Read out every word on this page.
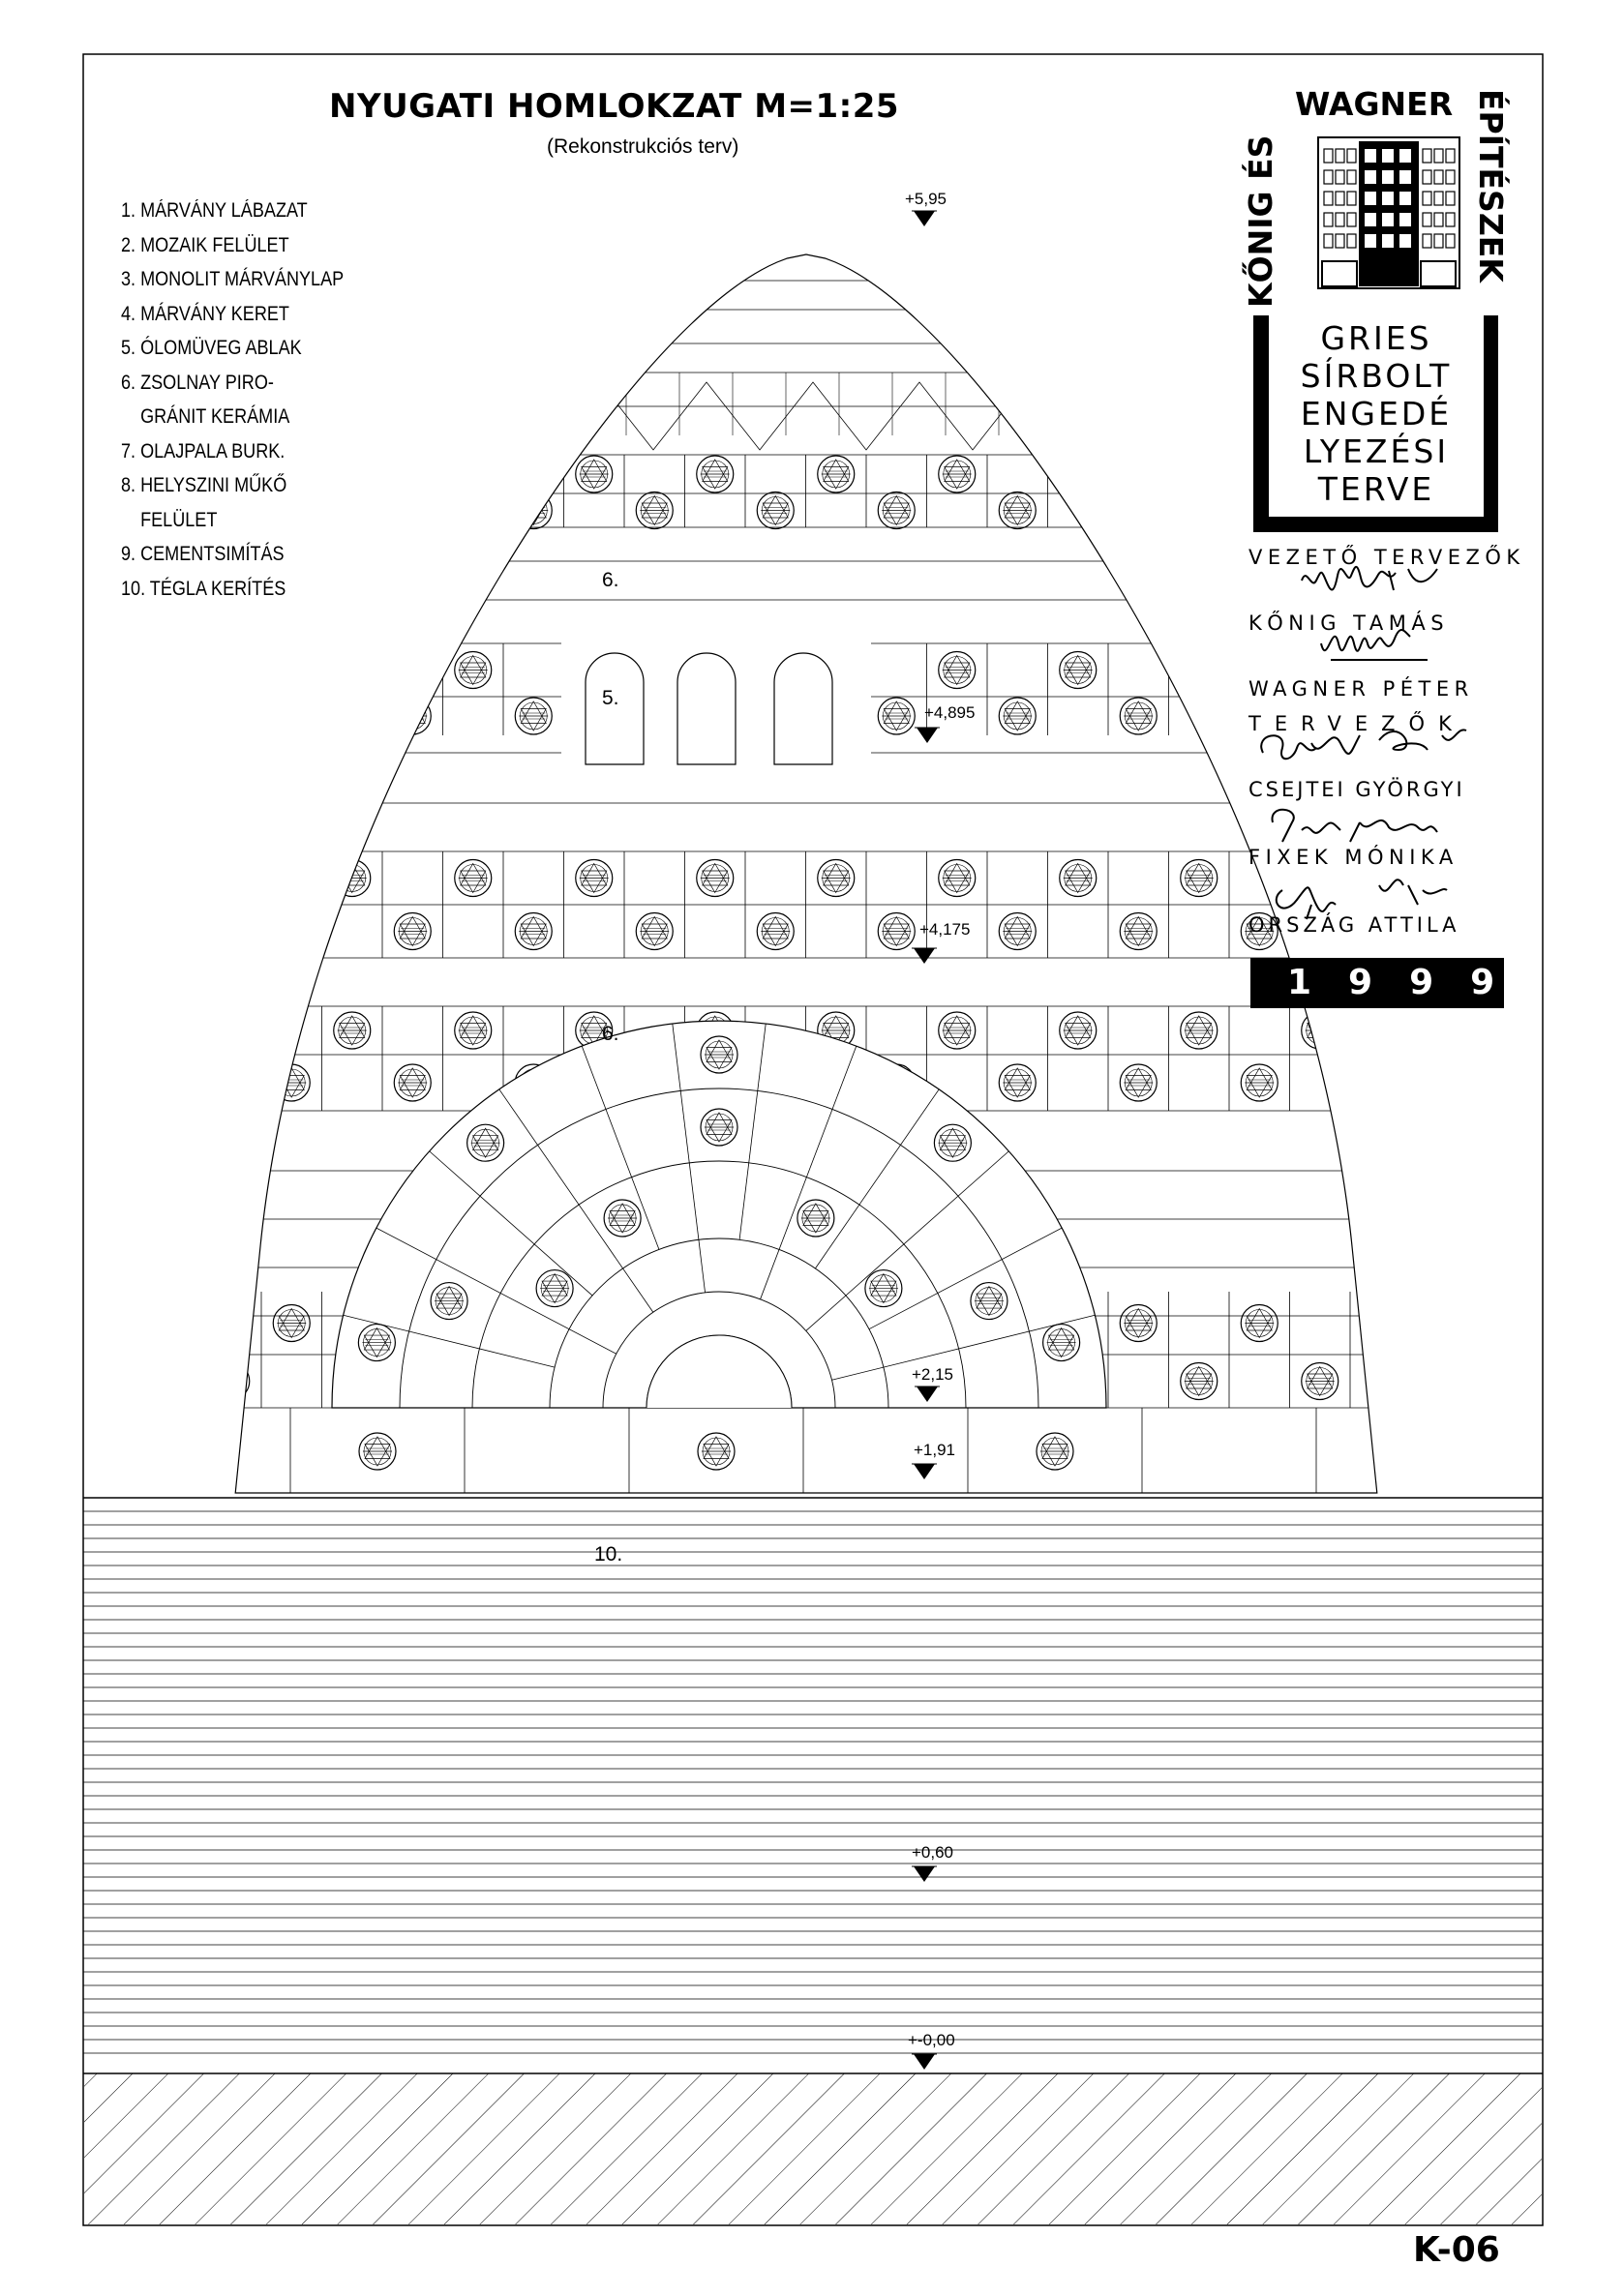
NYUGATI HOMLOKZAT M=1:25
(Rekonstrukciós terv)
1. MÁRVÁNY LÁBAZAT
2. MOZAIK FELÜLET
3. MONOLIT MÁRVÁNYLAP
4. MÁRVÁNY KERET
5. ÓLOMÜVEG ABLAK
6. ZSOLNAY PIRO-
GRÁNIT KERÁMIA
7. OLAJPALA BURK.
8. HELYSZINI MŰKŐ
FELÜLET
9. CEMENTSIMÍTÁS
10. TÉGLA KERÍTÉS
+5,95
+4,895
+4,175
+2,15
+1,91
+0,60
+-0,00
6.
5.
6.
10.
WAGNER
KŐNIG ÉS	ÉPÍTÉSZEK
GRIES
SÍRBOLT
ENGEDÉ
LYEZÉSI
TERVE
VEZETŐ TERVEZŐK
KŐNIG TAMÁS
WAGNER PÉTER
TERVEZŐK
CSEJTEI GYÖRGYI
FIXEK MÓNIKA
ORSZÁG ATTILA
1999
K-06
